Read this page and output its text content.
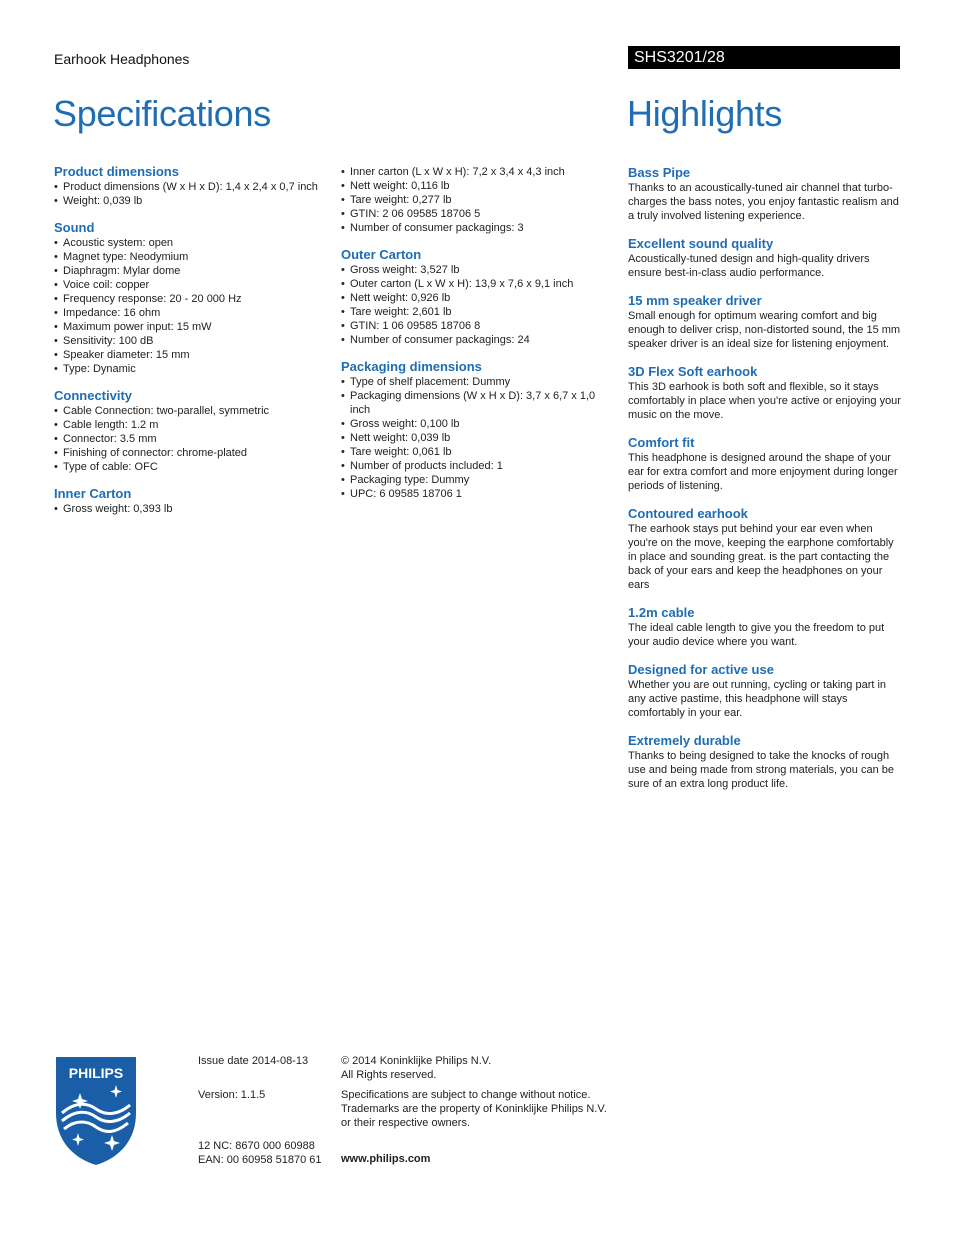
Earhook Headphones	SHS3201/28
Specifications	Highlights
Product dimensions
• Product dimensions (W x H x D): 1,4 x 2,4 x 0,7 inch
• Weight: 0,039 lb
Sound
• Acoustic system: open
• Magnet type: Neodymium
• Diaphragm: Mylar dome
• Voice coil: copper
• Frequency response: 20 - 20 000 Hz
• Impedance: 16 ohm
• Maximum power input: 15 mW
• Sensitivity: 100 dB
• Speaker diameter: 15 mm
• Type: Dynamic
Connectivity
• Cable Connection: two-parallel, symmetric
• Cable length: 1.2 m
• Connector: 3.5 mm
• Finishing of connector: chrome-plated
• Type of cable: OFC
Inner Carton
• Gross weight: 0,393 lb
• Inner carton (L x W x H): 7,2 x 3,4 x 4,3 inch
• Nett weight: 0,116 lb
• Tare weight: 0,277 lb
• GTIN: 2 06 09585 18706 5
• Number of consumer packagings: 3
Outer Carton
• Gross weight: 3,527 lb
• Outer carton (L x W x H): 13,9 x 7,6 x 9,1 inch
• Nett weight: 0,926 lb
• Tare weight: 2,601 lb
• GTIN: 1 06 09585 18706 8
• Number of consumer packagings: 24
Packaging dimensions
• Type of shelf placement: Dummy
• Packaging dimensions (W x H x D): 3,7 x 6,7 x 1,0 inch
• Gross weight: 0,100 lb
• Nett weight: 0,039 lb
• Tare weight: 0,061 lb
• Number of products included: 1
• Packaging type: Dummy
• UPC: 6 09585 18706 1
Bass Pipe

Thanks to an acoustically-tuned air channel that turbo-charges the bass notes, you enjoy fantastic realism and a truly involved listening experience.

Excellent sound quality

Acoustically-tuned design and high-quality drivers ensure best-in-class audio performance.

15 mm speaker driver

Small enough for optimum wearing comfort and big enough to deliver crisp, non-distorted sound, the 15 mm speaker driver is an ideal size for listening enjoyment.

3D Flex Soft earhook

This 3D earhook is both soft and flexible, so it stays comfortably in place when you're active or enjoying your music on the move.

Comfort fit

This headphone is designed around the shape of your ear for extra comfort and more enjoyment during longer periods of listening.

Contoured earhook

The earhook stays put behind your ear even when you're on the move, keeping the earphone comfortably in place and sounding great. is the part contacting the back of your ears and keep the headphones on your ears

1.2m cable

The ideal cable length to give you the freedom to put your audio device where you want.

Designed for active use

Whether you are out running, cycling or taking part in any active pastime, this headphone will stays comfortably in your ear.

Extremely durable

Thanks to being designed to take the knocks of rough use and being made from strong materials, you can be sure of an extra long product life.

PHILIPS
Issue date 2014-08-13
Version: 1.1.5
12 NC: 8670 000 60988
EAN: 00 60958 51870 61
© 2014 Koninklijke Philips N.V.
All Rights reserved.
Specifications are subject to change without notice.
Trademarks are the property of Koninklijke Philips N.V.
or their respective owners.
www.philips.com
